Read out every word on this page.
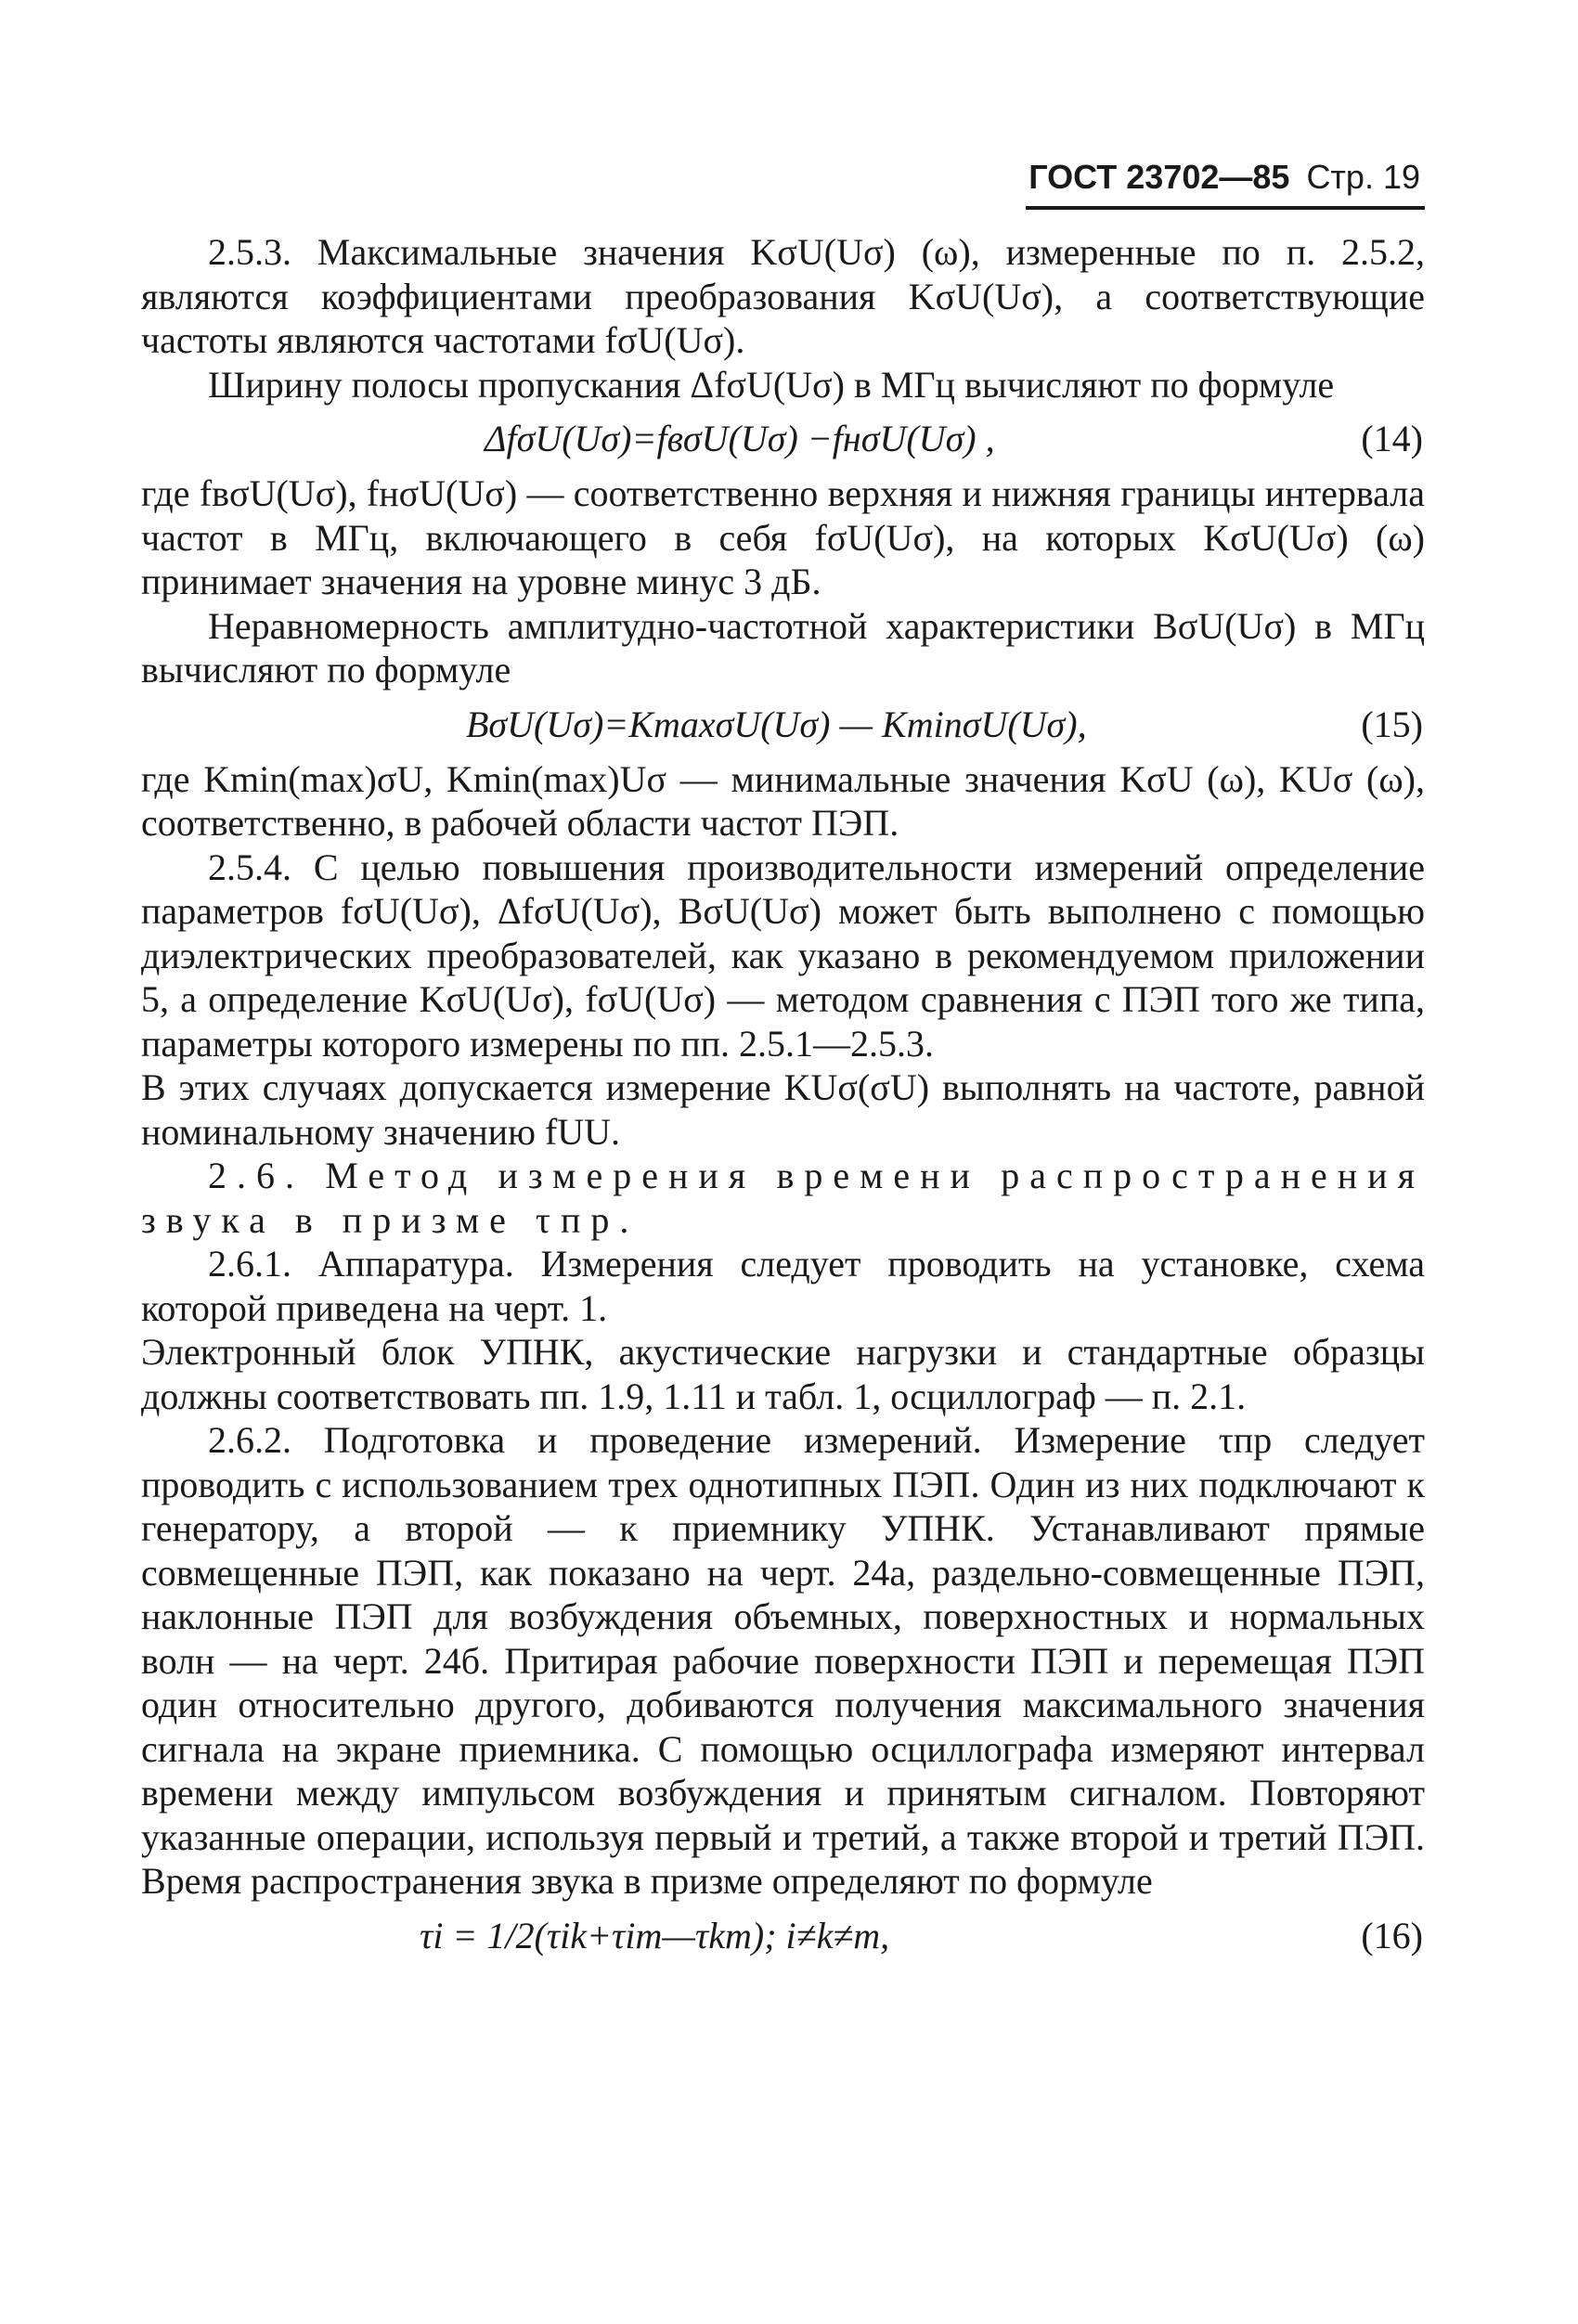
ГОСТ 23702—85 Стр. 19

2.5.3. Максимальные значения KσU(Uσ) (ω), измеренные по п. 2.5.2, являются коэффициентами преобразования KσU(Uσ), а соответствующие частоты являются частотами fσU(Uσ).

Ширину полосы пропускания ΔfσU(Uσ) в МГц вычисляют по формуле

ΔfσU(Uσ)=fвσU(Uσ) −fнσU(Uσ) ,	(14)

где fвσU(Uσ), fнσU(Uσ) — соответственно верхняя и нижняя границы интервала частот в МГц, включающего в себя fσU(Uσ), на которых KσU(Uσ) (ω) принимает значения на уровне минус 3 дБ.

Неравномерность амплитудно-частотной характеристики BσU(Uσ) в МГц вычисляют по формуле

BσU(Uσ)=KmaxσU(Uσ) — KminσU(Uσ),	(15)

где Kmin(max)σU, Kmin(max)Uσ — минимальные значения KσU (ω), KUσ (ω), соответственно, в рабочей области частот ПЭП.

2.5.4. С целью повышения производительности измерений определение параметров fσU(Uσ), ΔfσU(Uσ), BσU(Uσ) может быть выполнено с помощью диэлектрических преобразователей, как указано в рекомендуемом приложении 5, а определение KσU(Uσ), fσU(Uσ) — методом сравнения с ПЭП того же типа, параметры которого измерены по пп. 2.5.1—2.5.3.

В этих случаях допускается измерение KUσ(σU) выполнять на частоте, равной номинальному значению fUU.

2.6. Метод измерения времени распространения звука в призме τпр.

2.6.1. Аппаратура. Измерения следует проводить на установке, схема которой приведена на черт. 1.

Электронный блок УПНК, акустические нагрузки и стандартные образцы должны соответствовать пп. 1.9, 1.11 и табл. 1, осциллограф — п. 2.1.

2.6.2. Подготовка и проведение измерений. Измерение τпр следует проводить с использованием трех однотипных ПЭП. Один из них подключают к генератору, а второй — к приемнику УПНК. Устанавливают прямые совмещенные ПЭП, как показано на черт. 24а, раздельно-совмещенные ПЭП, наклонные ПЭП для возбуждения объемных, поверхностных и нормальных волн — на черт. 24б. Притирая рабочие поверхности ПЭП и перемещая ПЭП один относительно другого, добиваются получения максимального значения сигнала на экране приемника. С помощью осциллографа измеряют интервал времени между импульсом возбуждения и принятым сигналом. Повторяют указанные операции, используя первый и третий, а также второй и третий ПЭП. Время распространения звука в призме определяют по формуле

τi = 1/2(τik+τim—τkm); i≠k≠m,	(16)
